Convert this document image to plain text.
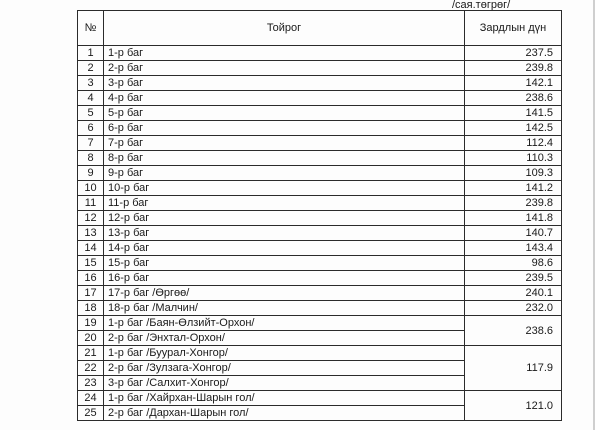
/сая.төгрөг/
№	Тойрог	Зардлын дүн
1	1-р баг	237.5
2	2-р баг	239.8
3	3-р баг	142.1
4	4-р баг	238.6
5	5-р баг	141.5
6	6-р баг	142.5
7	7-р баг	112.4
8	8-р баг	110.3
9	9-р баг	109.3
10	10-р баг	141.2
11	11-р баг	239.8
12	12-р баг	141.8
13	13-р баг	140.7
14	14-р баг	143.4
15	15-р баг	98.6
16	16-р баг	239.5
17	17-р баг /Өргөө/	240.1
18	18-р баг /Малчин/	232.0
19	1-р баг /Баян-Өлзийт-Орхон/	238.6
20	2-р баг /Энхтал-Орхон/	
21	1-р баг /Буурал-Хонгор/	117.9
22	2-р баг /Зулзага-Хонгор/	
23	3-р баг /Салхит-Хонгор/	
24	1-р баг /Хайрхан-Шарын гол/	121.0
25	2-р баг /Дархан-Шарын гол/	
